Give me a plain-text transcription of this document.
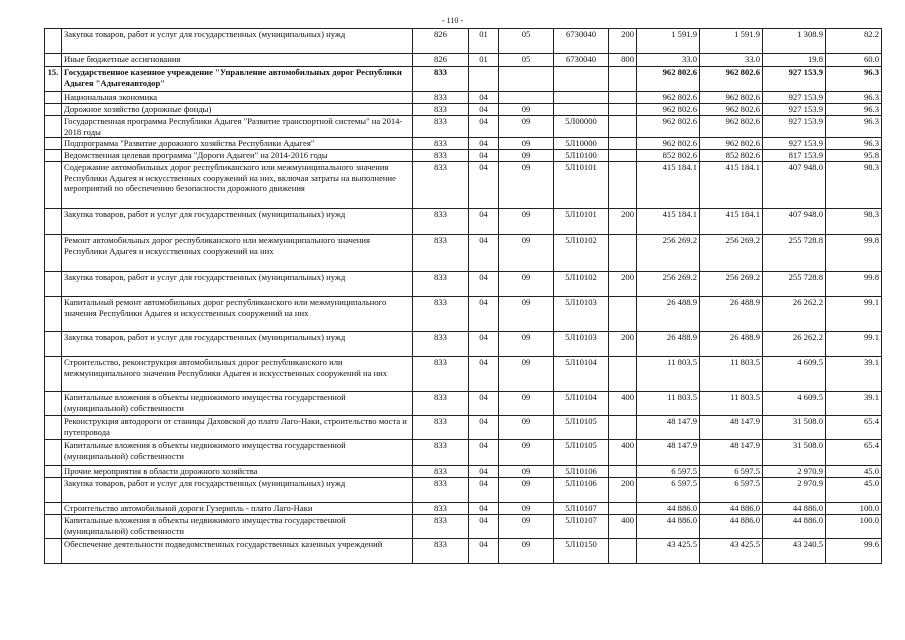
- 110 -
	Закупка товаров, работ и услуг для государственных (муниципальных) нужд	826	01	05	6730040	200	1 591.9	1 591.9	1 308.9	82.2
	Иные бюджетные ассигнования	826	01	05	6730040	800	33.0	33.0	19.8	60.0
15.	Государственное казенное учреждение "Управление автомобильных дорог Республики Адыгея "Адыгеяавтодор"	833					962 802.6	962 802.6	927 153.9	96.3
	Национальная экономика	833	04				962 802.6	962 802.6	927 153.9	96.3
	Дорожное хозяйство (дорожные фонды)	833	04	09			962 802.6	962 802.6	927 153.9	96.3
	Государственная программа Республики Адыгея "Развитие транспортной системы" на 2014-2018 годы	833	04	09	5Л00000		962 802.6	962 802.6	927 153.9	96.3
	Подпрограмма "Развитие дорожного хозяйства Республики Адыгея"	833	04	09	5Л10000		962 802.6	962 802.6	927 153.9	96.3
	Ведомственная целевая программа "Дороги Адыгеи" на 2014-2016 годы	833	04	09	5Л10100		852 802.6	852 802.6	817 153.9	95.8
	Содержание автомобильных дорог республиканского или межмуниципального значения Республики Адыгея и искусственных сооружений на них, включая затраты на выполнение мероприятий по обеспечению безопасности дорожного движения	833	04	09	5Л10101		415 184.1	415 184.1	407 948.0	98.3
	Закупка товаров, работ и услуг для государственных (муниципальных) нужд	833	04	09	5Л10101	200	415 184.1	415 184.1	407 948.0	98.3
	Ремонт автомобильных дорог республиканского или межмуниципального значения Республики Адыгея и искусственных сооружений на них	833	04	09	5Л10102		256 269.2	256 269.2	255 728.8	99.8
	Закупка товаров, работ и услуг для государственных (муниципальных) нужд	833	04	09	5Л10102	200	256 269.2	256 269.2	255 728.8	99.8
	Капитальный ремонт автомобильных дорог республиканского или межмуниципального значения Республики Адыгея и искусственных сооружений на них	833	04	09	5Л10103		26 488.9	26 488.9	26 262.2	99.1
	Закупка товаров, работ и услуг для государственных (муниципальных) нужд	833	04	09	5Л10103	200	26 488.9	26 488.9	26 262.2	99.1
	Строительство, реконструкция автомобильных дорог республиканского или межмуниципального значения Республики Адыгея и искусственных сооружений на них	833	04	09	5Л10104		11 803.5	11 803.5	4 609.5	39.1
	Капитальные вложения в объекты недвижимого имущества государственной (муниципальной) собственности	833	04	09	5Л10104	400	11 803.5	11 803.5	4 609.5	39.1
	Реконструкция автодороги от станицы Даховской до плато Лаго-Наки, строительство моста и путепровода	833	04	09	5Л10105		48 147.9	48 147.9	31 508.0	65.4
	Капитальные вложения в объекты недвижимого имущества государственной (муниципальной) собственности	833	04	09	5Л10105	400	48 147.9	48 147.9	31 508.0	65.4
	Прочие мероприятия в области дорожного хозяйства	833	04	09	5Л10106		6 597.5	6 597.5	2 970.9	45.0
	Закупка товаров, работ и услуг для государственных (муниципальных) нужд	833	04	09	5Л10106	200	6 597.5	6 597.5	2 970.9	45.0
	Строительство автомобильной дороги Гузерипль - плато Лаго-Наки	833	04	09	5Л10107		44 886.0	44 886.0	44 886.0	100.0
	Капитальные вложения в объекты недвижимого имущества государственной (муниципальной) собственности	833	04	09	5Л10107	400	44 886.0	44 886.0	44 886.0	100.0
	Обеспечение деятельности подведомственных государственных казенных учреждений	833	04	09	5Л10150		43 425.5	43 425.5	43 240.5	99.6
